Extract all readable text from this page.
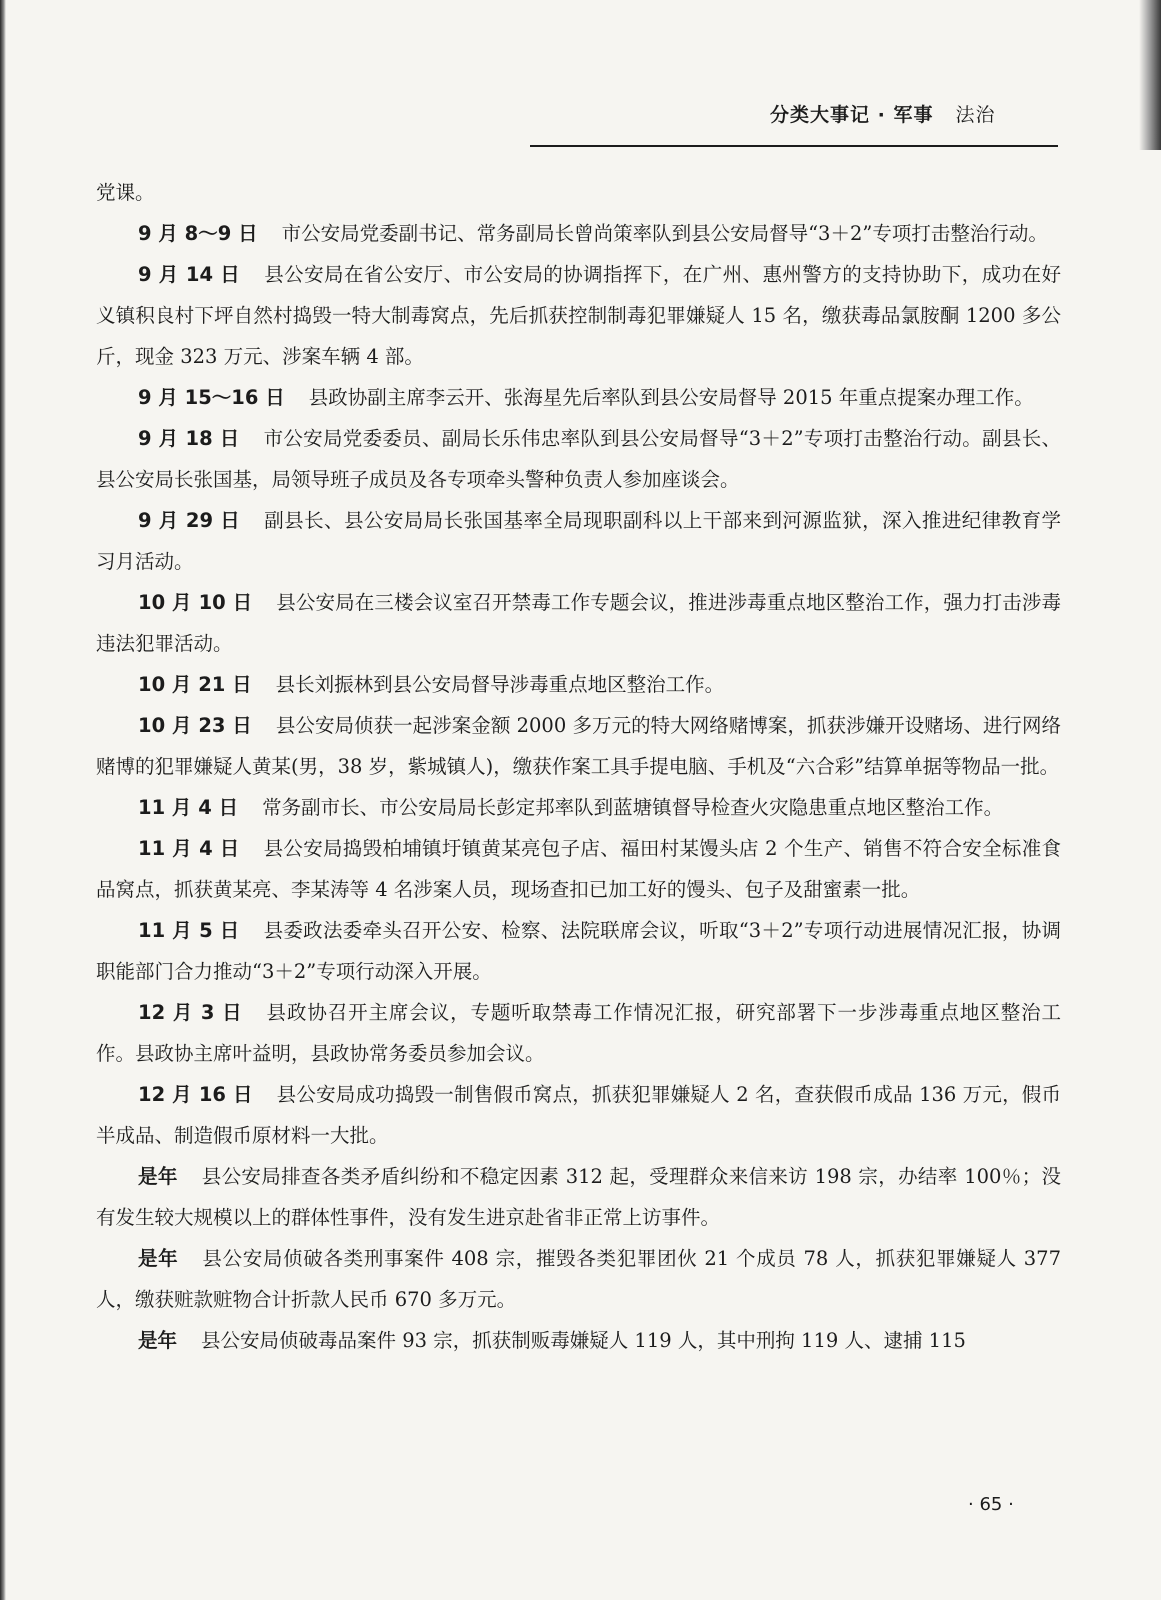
分类大事记 · 军事 法治

党课。

9 月 8～9 日 市公安局党委副书记、常务副局长曾尚策率队到县公安局督导“3＋2”专项打击整治行动。

9 月 14 日 县公安局在省公安厅、市公安局的协调指挥下，在广州、惠州警方的支持协助下，成功在好义镇积良村下坪自然村捣毁一特大制毒窝点，先后抓获控制制毒犯罪嫌疑人 15 名，缴获毒品氯胺酮 1200 多公斤，现金 323 万元、涉案车辆 4 部。

9 月 15～16 日 县政协副主席李云开、张海星先后率队到县公安局督导 2015 年重点提案办理工作。

9 月 18 日 市公安局党委委员、副局长乐伟忠率队到县公安局督导“3＋2”专项打击整治行动。副县长、县公安局长张国基，局领导班子成员及各专项牵头警种负责人参加座谈会。

9 月 29 日 副县长、县公安局局长张国基率全局现职副科以上干部来到河源监狱，深入推进纪律教育学习月活动。

10 月 10 日 县公安局在三楼会议室召开禁毒工作专题会议，推进涉毒重点地区整治工作，强力打击涉毒违法犯罪活动。

10 月 21 日 县长刘振林到县公安局督导涉毒重点地区整治工作。

10 月 23 日 县公安局侦获一起涉案金额 2000 多万元的特大网络赌博案，抓获涉嫌开设赌场、进行网络赌博的犯罪嫌疑人黄某(男，38 岁，紫城镇人)，缴获作案工具手提电脑、手机及“六合彩”结算单据等物品一批。

11 月 4 日 常务副市长、市公安局局长彭定邦率队到蓝塘镇督导检查火灾隐患重点地区整治工作。

11 月 4 日 县公安局捣毁柏埔镇圩镇黄某亮包子店、福田村某馒头店 2 个生产、销售不符合安全标准食品窝点，抓获黄某亮、李某涛等 4 名涉案人员，现场查扣已加工好的馒头、包子及甜蜜素一批。

11 月 5 日 县委政法委牵头召开公安、检察、法院联席会议，听取“3＋2”专项行动进展情况汇报，协调职能部门合力推动“3＋2”专项行动深入开展。

12 月 3 日 县政协召开主席会议，专题听取禁毒工作情况汇报，研究部署下一步涉毒重点地区整治工作。县政协主席叶益明，县政协常务委员参加会议。

12 月 16 日 县公安局成功捣毁一制售假币窝点，抓获犯罪嫌疑人 2 名，查获假币成品 136 万元，假币半成品、制造假币原材料一大批。

是年 县公安局排查各类矛盾纠纷和不稳定因素 312 起，受理群众来信来访 198 宗，办结率 100％；没有发生较大规模以上的群体性事件，没有发生进京赴省非正常上访事件。

是年 县公安局侦破各类刑事案件 408 宗，摧毁各类犯罪团伙 21 个成员 78 人，抓获犯罪嫌疑人 377 人，缴获赃款赃物合计折款人民币 670 多万元。

是年 县公安局侦破毒品案件 93 宗，抓获制贩毒嫌疑人 119 人，其中刑拘 119 人、逮捕 115

· 65 ·
